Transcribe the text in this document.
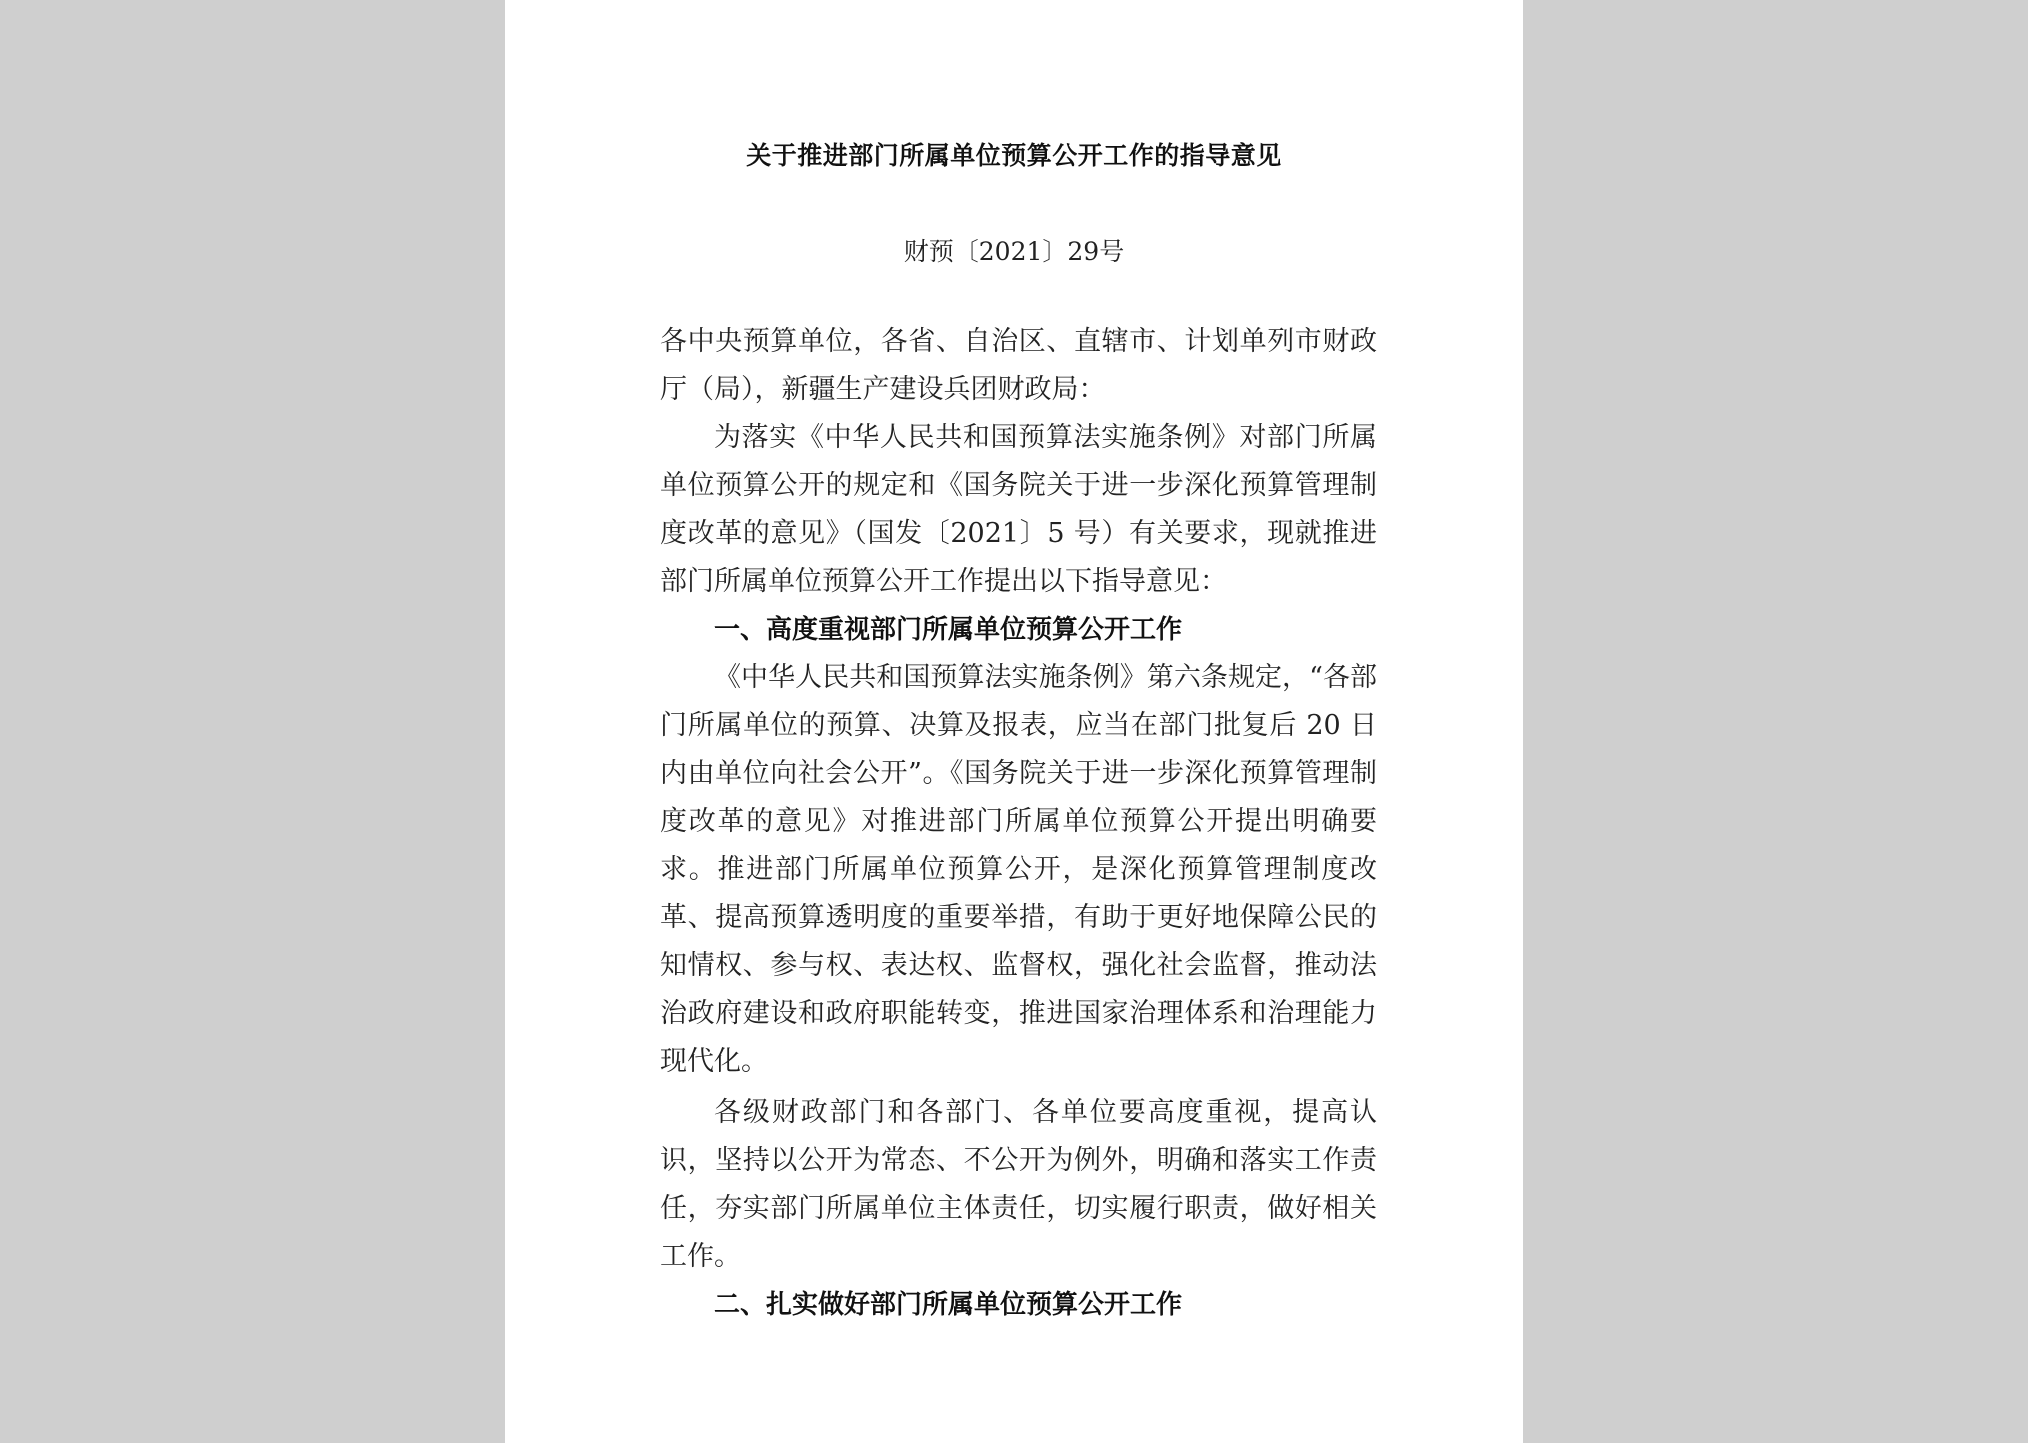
关于推进部门所属单位预算公开工作的指导意见
财预〔2021〕29号

各中央预算单位，各省、自治区、直辖市、计划单列市财政厅（局），新疆生产建设兵团财政局：

为落实《中华人民共和国预算法实施条例》对部门所属单位预算公开的规定和《国务院关于进一步深化预算管理制度改革的意见》（国发〔2021〕5 号）有关要求，现就推进部门所属单位预算公开工作提出以下指导意见：

一、高度重视部门所属单位预算公开工作

《中华人民共和国预算法实施条例》第六条规定，“各部门所属单位的预算、决算及报表，应当在部门批复后 20 日内由单位向社会公开”。《国务院关于进一步深化预算管理制度改革的意见》对推进部门所属单位预算公开提出明确要求。推进部门所属单位预算公开，是深化预算管理制度改革、提高预算透明度的重要举措，有助于更好地保障公民的知情权、参与权、表达权、监督权，强化社会监督，推动法治政府建设和政府职能转变，推进国家治理体系和治理能力现代化。

各级财政部门和各部门、各单位要高度重视，提高认识，坚持以公开为常态、不公开为例外，明确和落实工作责任，夯实部门所属单位主体责任，切实履行职责，做好相关工作。

二、扎实做好部门所属单位预算公开工作
